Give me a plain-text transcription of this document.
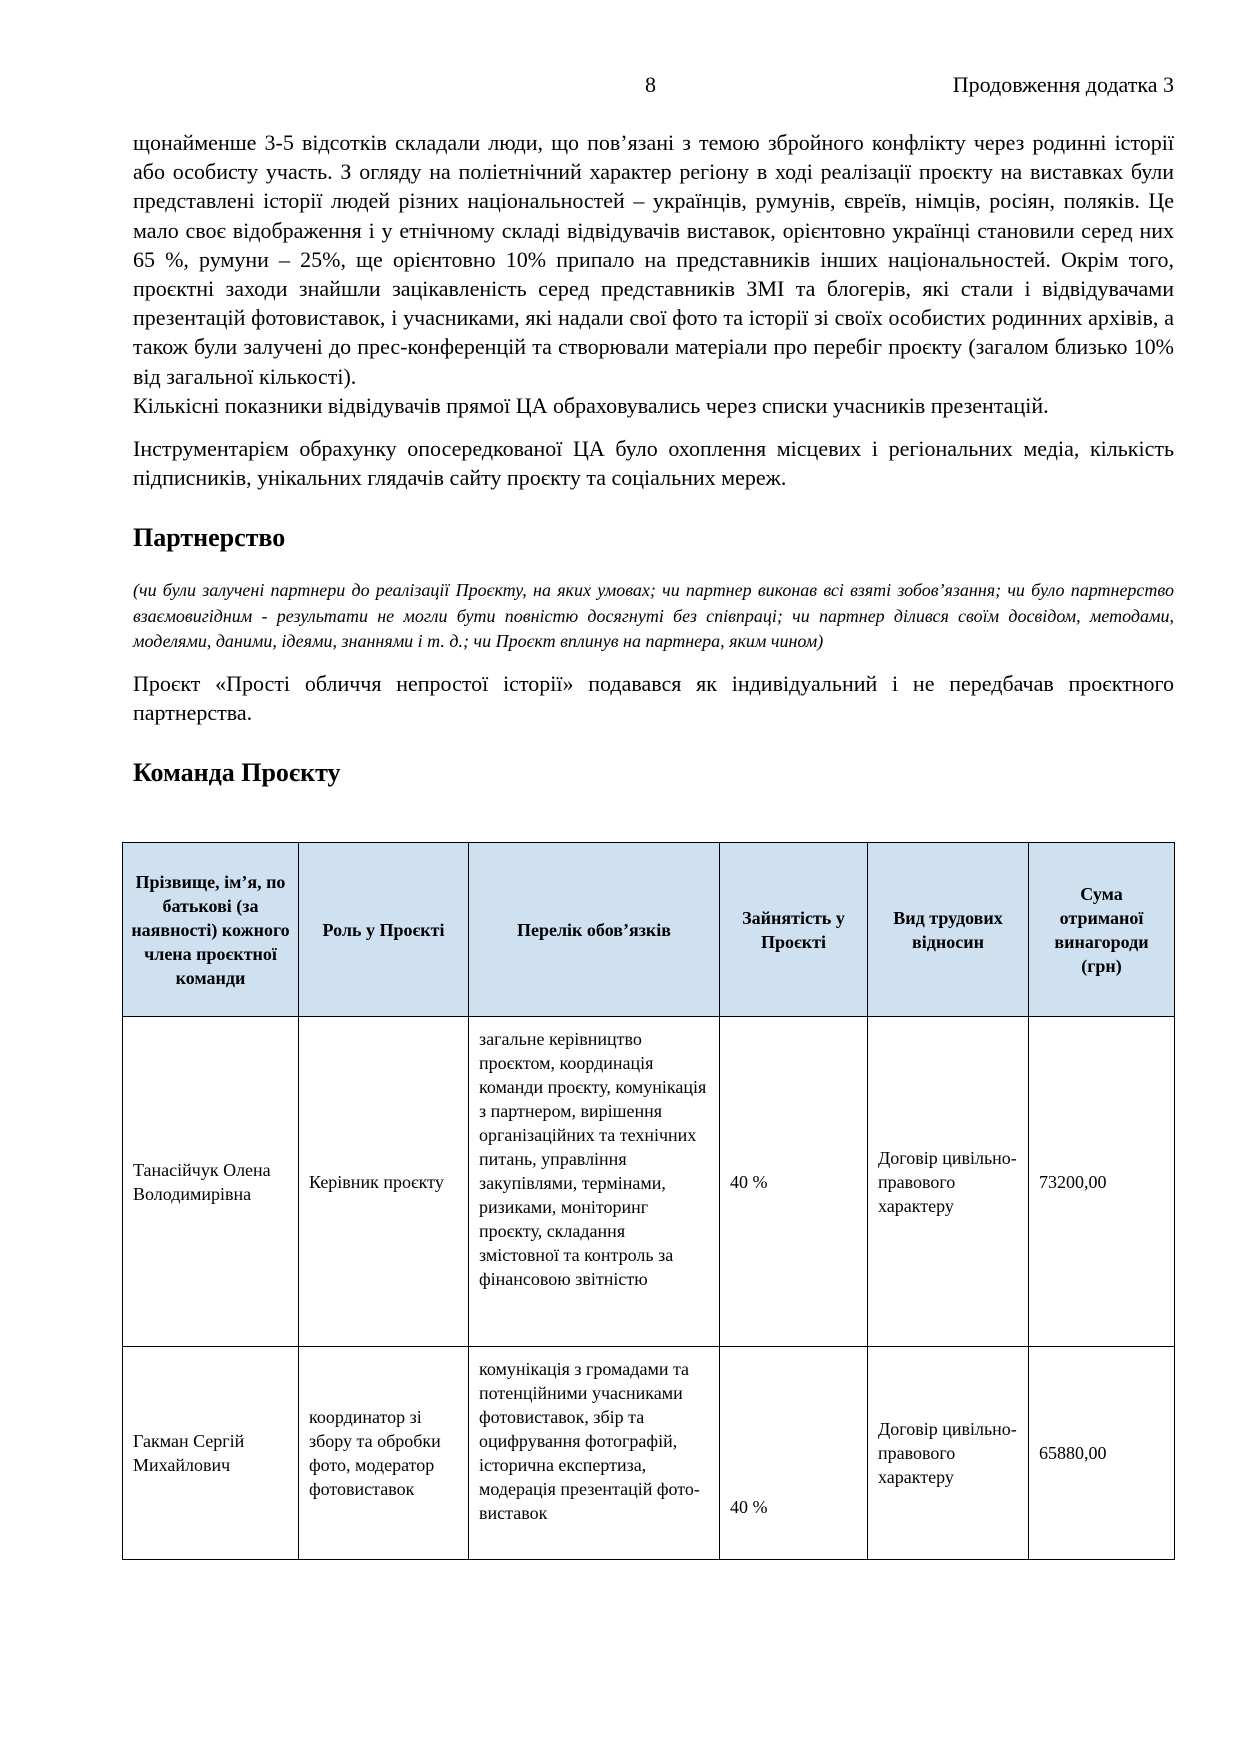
8	Продовження додатка 3

щонайменше 3-5 відсотків складали люди, що пов’язані з темою збройного конфлікту через родинні історії або особисту участь. З огляду на поліетнічний характер регіону в ході реалізації проєкту на виставках були представлені історії людей різних національностей – українців, румунів, євреїв, німців, росіян, поляків. Це мало своє відображення і у етнічному складі відвідувачів виставок, орієнтовно українці становили серед них 65 %, румуни – 25%, ще орієнтовно 10% припало на представників інших національностей. Окрім того, проєктні заходи знайшли зацікавленість серед представників ЗМІ та блогерів, які стали і відвідувачами презентацій фотовиставок, і учасниками, які надали свої фото та історії зі своїх особистих родинних архівів, а також були залучені до прес-конференцій та створювали матеріали про перебіг проєкту (загалом близько 10% від загальної кількості).

Кількісні показники відвідувачів прямої ЦА обраховувались через списки учасників презентацій.

Інструментарієм обрахунку опосередкованої ЦА було охоплення місцевих і регіональних медіа, кількість підписників, унікальних глядачів сайту проєкту та соціальних мереж.

Партнерство

(чи були залучені партнери до реалізації Проєкту, на яких умовах; чи партнер виконав всі взяті зобов’язання; чи було партнерство взаємовигідним - результати не могли бути повністю досягнуті без співпраці; чи партнер ділився своїм досвідом, методами, моделями, даними, ідеями, знаннями і т. д.; чи Проєкт вплинув на партнера, яким чином)

Проєкт «Прості обличчя непростої історії» подавався як індивідуальний і не передбачав проєктного партнерства.

Команда Проєкту
Прізвище, ім’я, по батькові (за наявності) кожного члена проєктної команди	Роль у Проєкті	Перелік обов’язків	Зайнятість у Проєкті	Вид трудових відносин	Сума отриманої винагороди (грн)
Танасійчук Олена Володимирівна	Керівник проєкту	загальне керівництво проєктом, координація команди проєкту, комунікація з партнером, вирішення організаційних та технічних питань, управління закупівлями, термінами, ризиками, моніторинг проєкту, складання змістовної та контроль за фінансовою звітністю	40 %	Договір цивільно-правового характеру	73200,00
Гакман Сергій Михайлович	координатор зі збору та обробки фото, модератор фотовиставок	комунікація з громадами та потенційними учасниками фотовиставок, збір та оцифрування фотографій, історична експертиза, модерація презентацій фото-виставок	40 %	Договір цивільно-правового характеру	65880,00
